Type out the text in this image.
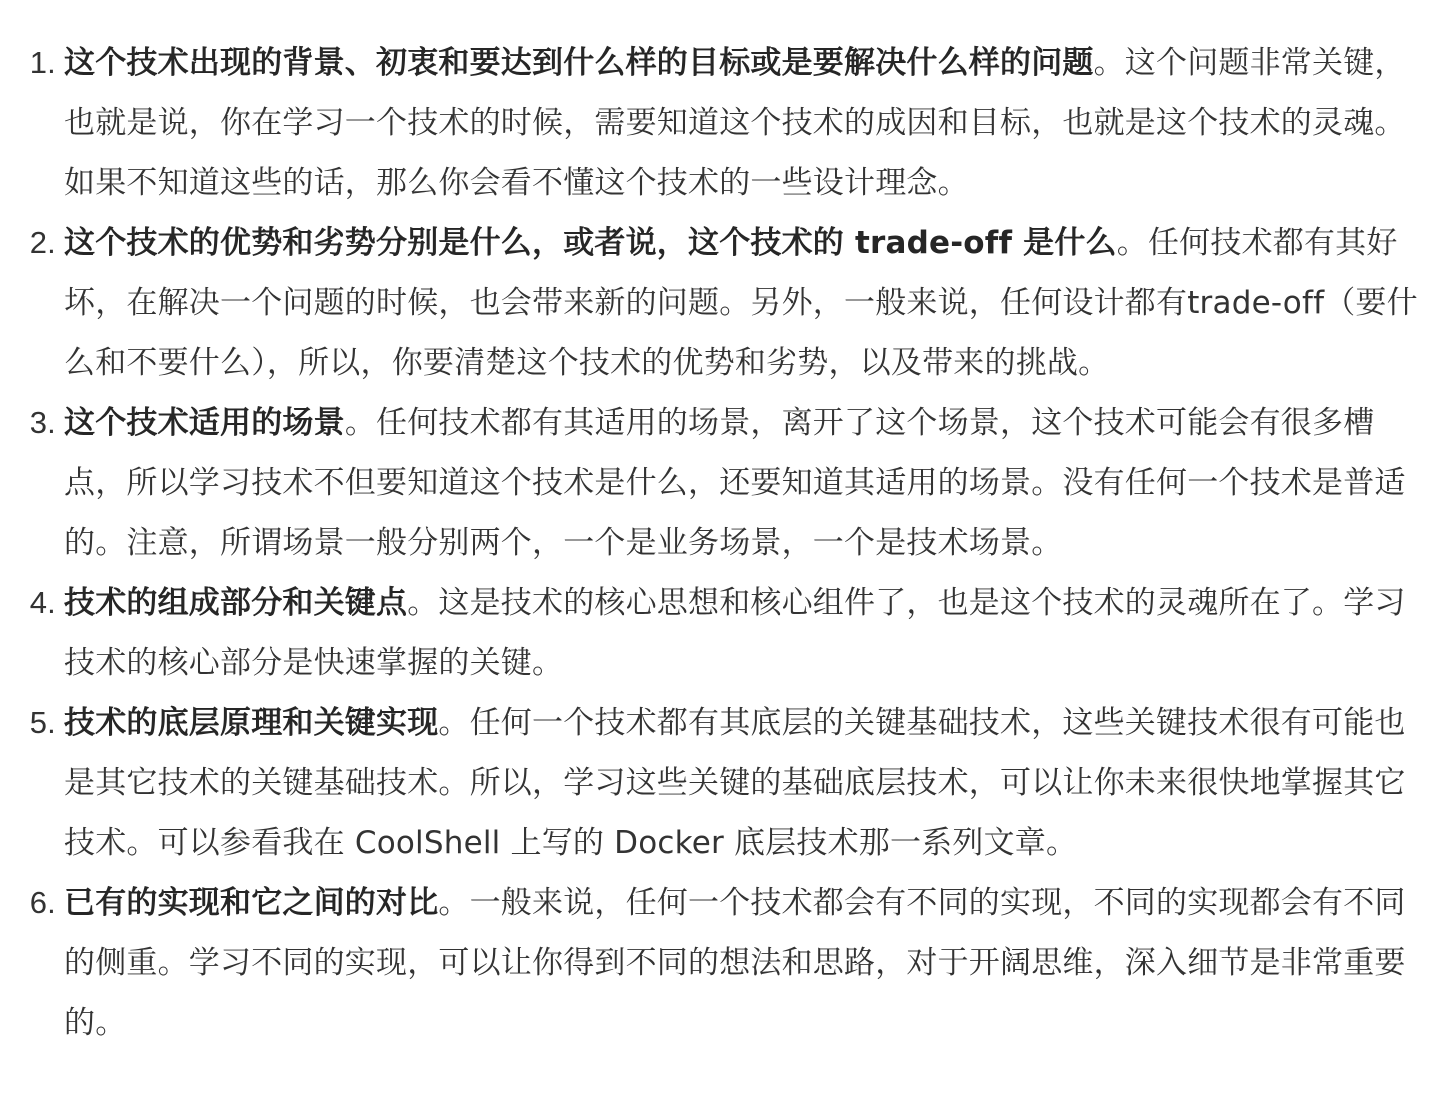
1. 这个技术出现的背景、初衷和要达到什么样的目标或是要解决什么样的问题。这个问题非常关键，也就是说，你在学习一个技术的时候，需要知道这个技术的成因和目标，也就是这个技术的灵魂。如果不知道这些的话，那么你会看不懂这个技术的一些设计理念。
2. 这个技术的优势和劣势分别是什么，或者说，这个技术的 trade-off 是什么。任何技术都有其好坏，在解决一个问题的时候，也会带来新的问题。另外，一般来说，任何设计都有trade-off（要什么和不要什么），所以，你要清楚这个技术的优势和劣势，以及带来的挑战。
3. 这个技术适用的场景。任何技术都有其适用的场景，离开了这个场景，这个技术可能会有很多槽点，所以学习技术不但要知道这个技术是什么，还要知道其适用的场景。没有任何一个技术是普适的。注意，所谓场景一般分别两个，一个是业务场景，一个是技术场景。
4. 技术的组成部分和关键点。这是技术的核心思想和核心组件了，也是这个技术的灵魂所在了。学习技术的核心部分是快速掌握的关键。
5. 技术的底层原理和关键实现。任何一个技术都有其底层的关键基础技术，这些关键技术很有可能也是其它技术的关键基础技术。所以，学习这些关键的基础底层技术，可以让你未来很快地掌握其它技术。可以参看我在 CoolShell 上写的 Docker 底层技术那一系列文章。
6. 已有的实现和它之间的对比。一般来说，任何一个技术都会有不同的实现，不同的实现都会有不同的侧重。学习不同的实现，可以让你得到不同的想法和思路，对于开阔思维，深入细节是非常重要的。
